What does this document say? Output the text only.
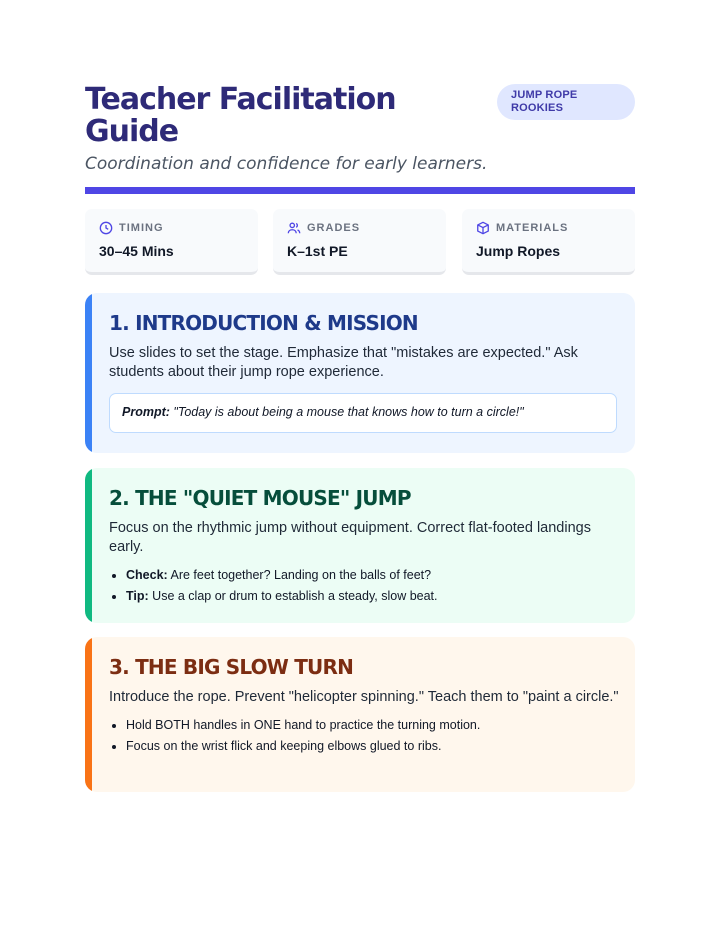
Teacher Facilitation Guide
Coordination and confidence for early learners.
JUMP ROPE ROOKIES
TIMING
30–45 Mins
GRADES
K–1st PE
MATERIALS
Jump Ropes
1. INTRODUCTION & MISSION

Use slides to set the stage. Emphasize that "mistakes are expected." Ask students about their jump rope experience.

Prompt: "Today is about being a mouse that knows how to turn a circle!"
2. THE "QUIET MOUSE" JUMP

Focus on the rhythmic jump without equipment. Correct flat-footed landings early.

• Check: Are feet together? Landing on the balls of feet?
• Tip: Use a clap or drum to establish a steady, slow beat.
3. THE BIG SLOW TURN

Introduce the rope. Prevent "helicopter spinning." Teach them to "paint a circle."

• Hold BOTH handles in ONE hand to practice the turning motion.
• Focus on the wrist flick and keeping elbows glued to ribs.
